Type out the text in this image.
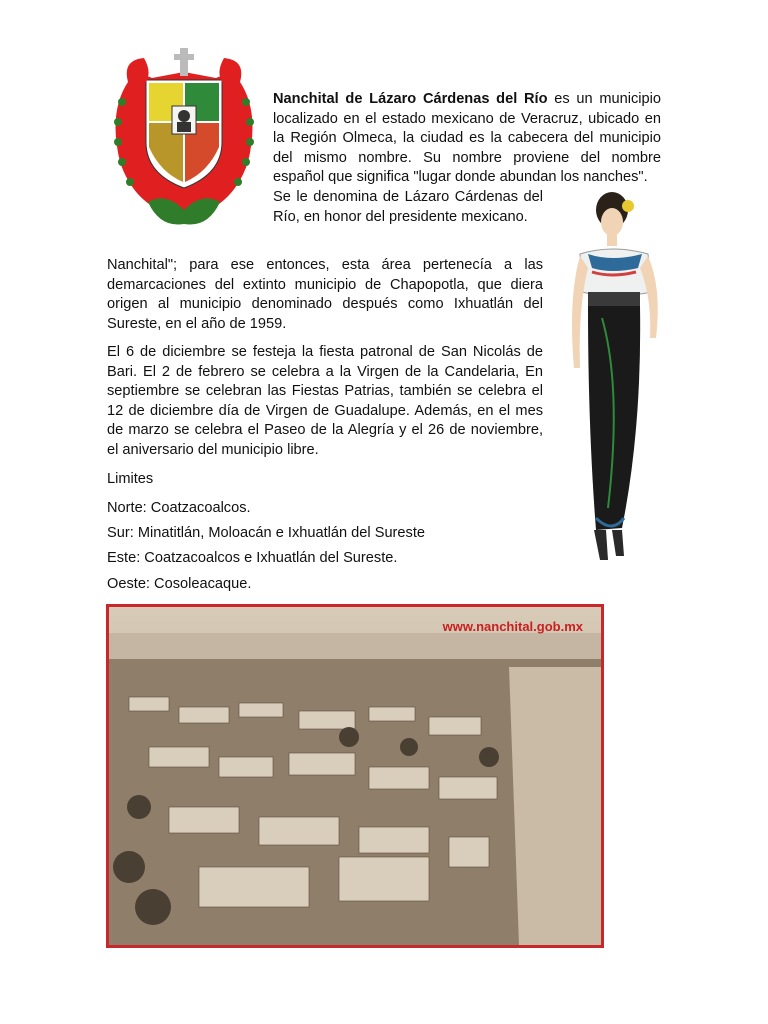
Nanchital de Lázaro Cárdenas del Río es un municipio localizado en el estado mexicano de Veracruz, ubicado en la Región Olmeca, la ciudad es la cabecera del municipio del mismo nombre. Su nombre proviene del nombre español que significa "lugar donde abundan los nanches".

Se le denomina de Lázaro Cárdenas del Río, en honor del presidente mexicano.

Nanchital"; para ese entonces, esta área pertenecía a las demarcaciones del extinto municipio de Chapopotla, que diera origen al municipio denominado después como Ixhuatlán del Sureste, en el año de 1959.

El 6 de diciembre se festeja la fiesta patronal de San Nicolás de Bari. El 2 de febrero se celebra a la Virgen de la Candelaria, En septiembre se celebran las Fiestas Patrias, también se celebra el 12 de diciembre día de Virgen de Guadalupe. Además, en el mes de marzo se celebra el Paseo de la Alegría y el 26 de noviembre, el aniversario del municipio libre.

Limites

Norte: Coatzacoalcos.

Sur: Minatitlán, Moloacán e Ixhuatlán del Sureste

Este: Coatzacoalcos e Ixhuatlán del Sureste.

Oeste: Cosoleacaque.

www.nanchital.gob.mx
